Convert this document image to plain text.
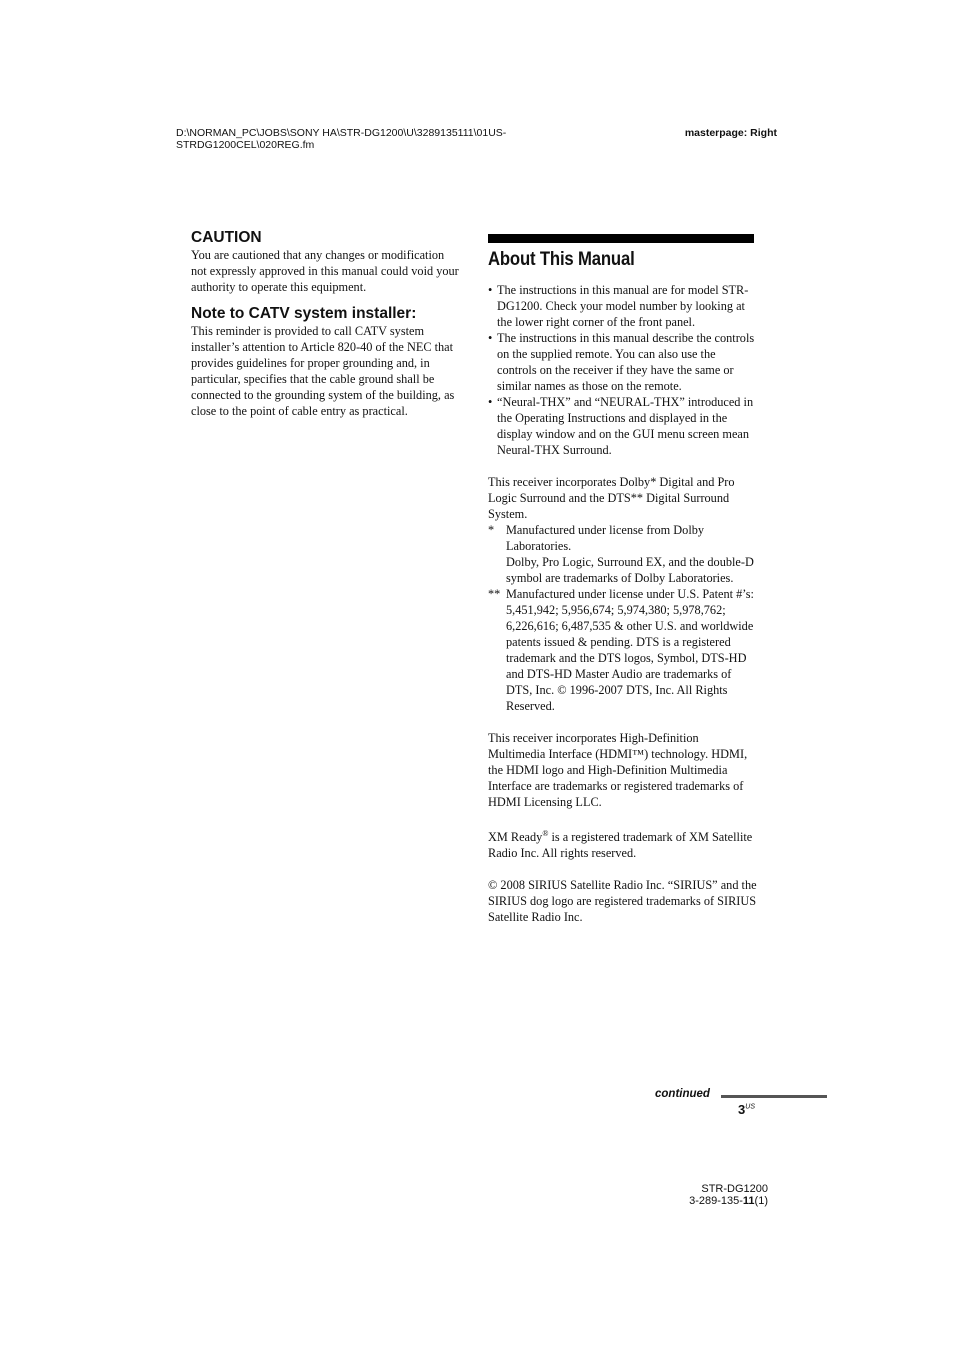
D:\NORMAN_PC\JOBS\SONY HA\STR-DG1200\U\3289135111\01US-
STRDG1200CEL\020REG.fm
masterpage: Right
CAUTION

You are cautioned that any changes or modification not expressly approved in this manual could void your authority to operate this equipment.

Note to CATV system installer:

This reminder is provided to call CATV system installer’s attention to Article 820-40 of the NEC that provides guidelines for proper grounding and, in particular, specifies that the cable ground shall be connected to the grounding system of the building, as close to the point of cable entry as practical.

About This Manual
• The instructions in this manual are for model STR-DG1200. Check your model number by looking at the lower right corner of the front panel.
• The instructions in this manual describe the controls on the supplied remote. You can also use the controls on the receiver if they have the same or similar names as those on the remote.
• “Neural-THX” and “NEURAL-THX” introduced in the Operating Instructions and displayed in the display window and on the GUI menu screen mean Neural-THX Surround.

This receiver incorporates Dolby* Digital and Pro Logic Surround and the DTS** Digital Surround System.

* Manufactured under license from Dolby Laboratories.
Dolby, Pro Logic, Surround EX, and the double-D symbol are trademarks of Dolby Laboratories.
** Manufactured under license under U.S. Patent #’s: 5,451,942; 5,956,674; 5,974,380; 5,978,762; 6,226,616; 6,487,535 & other U.S. and worldwide patents issued & pending. DTS is a registered trademark and the DTS logos, Symbol, DTS-HD and DTS-HD Master Audio are trademarks of DTS, Inc. © 1996-2007 DTS, Inc. All Rights Reserved.

This receiver incorporates High-Definition Multimedia Interface (HDMI™) technology. HDMI, the HDMI logo and High-Definition Multimedia Interface are trademarks or registered trademarks of HDMI Licensing LLC.

XM Ready® is a registered trademark of XM Satellite Radio Inc. All rights reserved.

© 2008 SIRIUS Satellite Radio Inc. “SIRIUS” and the SIRIUS dog logo are registered trademarks of SIRIUS Satellite Radio Inc.

continued
$3^{US}$
STR-DG1200
3-289-135-11(1)
